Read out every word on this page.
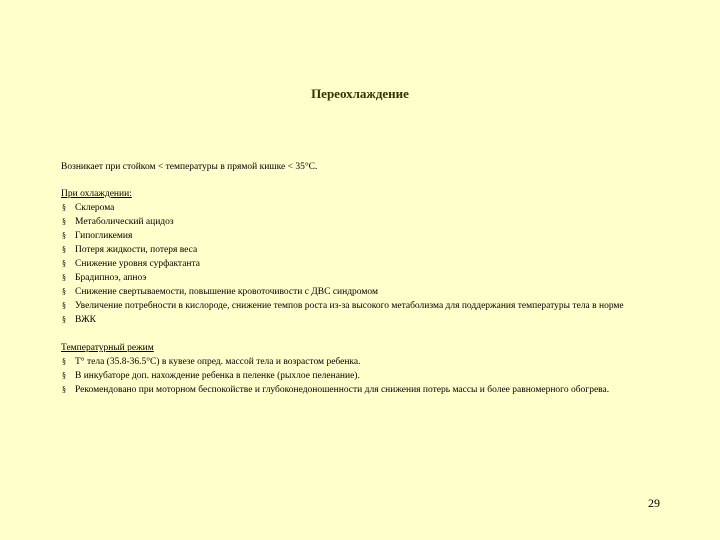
Переохлаждение

Возникает при стойком < температуры в прямой кишке < 35°С.

При охлаждении:
§ Склерома
§ Метаболический ацидоз
§ Гипогликемия
§ Потеря жидкости, потеря веса
§ Снижение уровня сурфактанта
§ Брадипноэ, апноэ
§ Снижение свертываемости, повышение кровоточивости с ДВС синдромом
§ Увеличение потребности в кислороде, снижение темпов роста из-за высокого метаболизма для поддержания температуры тела в норме
§ ВЖК
Температурный режим
§ Т° тела (35.8-36.5°С) в кувезе опред. массой тела и возрастом ребенка.
§ В инкубаторе доп. нахождение ребенка в пеленке (рыхлое пеленание).
§ Рекомендовано при моторном беспокойстве и глубоконедоношенности для снижения потерь массы и более равномерного обогрева.
29
